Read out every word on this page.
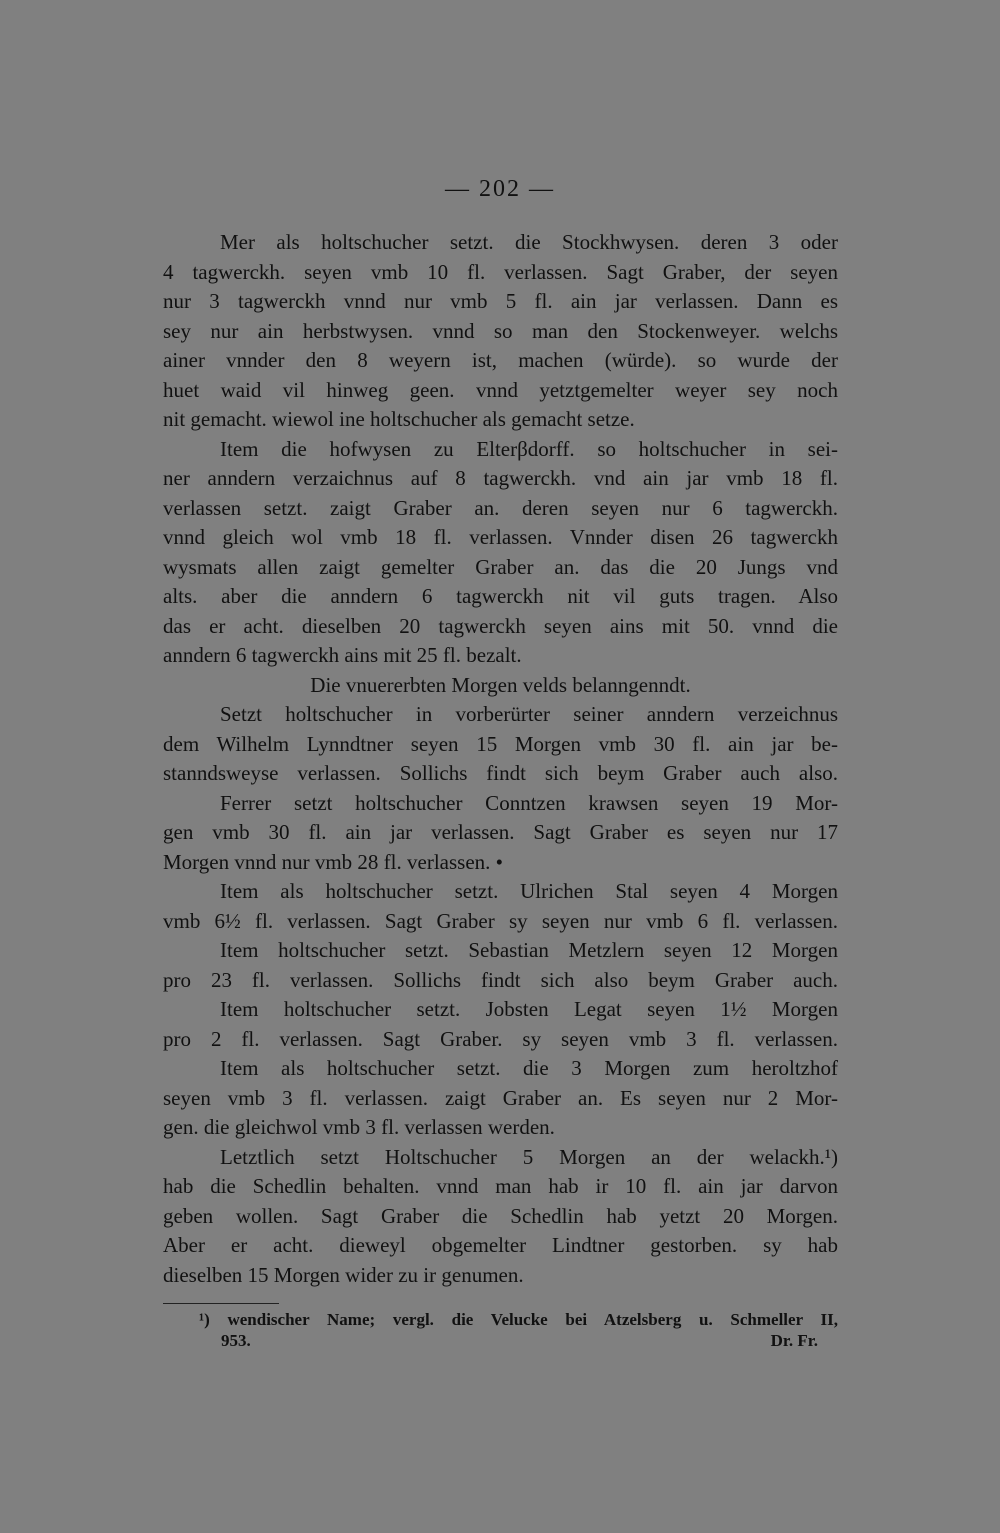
— 202 —
Mer als holtschucher setzt. die Stockhwysen. deren 3 oder
4 tagwerckh. seyen vmb 10 fl. verlassen. Sagt Graber, der seyen
nur 3 tagwerckh vnnd nur vmb 5 fl. ain jar verlassen. Dann es
sey nur ain herbstwysen. vnnd so man den Stockenweyer. welchs
ainer vnnder den 8 weyern ist, machen (würde). so wurde der
huet waid vil hinweg geen. vnnd yetztgemelter weyer sey noch
nit gemacht. wiewol ine holtschucher als gemacht setze.
Item die hofwysen zu Elterβdorff. so holtschucher in sei-
ner anndern verzaichnus auf 8 tagwerckh. vnd ain jar vmb 18 fl.
verlassen setzt. zaigt Graber an. deren seyen nur 6 tagwerckh.
vnnd gleich wol vmb 18 fl. verlassen. Vnnder disen 26 tagwerckh
wysmats allen zaigt gemelter Graber an. das die 20 Jungs vnd
alts. aber die anndern 6 tagwerckh nit vil guts tragen. Also
das er acht. dieselben 20 tagwerckh seyen ains mit 50. vnnd die
anndern 6 tagwerckh ains mit 25 fl. bezalt.
Die vnuererbten Morgen velds belanngenndt.
Setzt holtschucher in vorberürter seiner anndern verzeichnus
dem Wilhelm Lynndtner seyen 15 Morgen vmb 30 fl. ain jar be-
stanndsweyse verlassen. Sollichs findt sich beym Graber auch also.
Ferrer setzt holtschucher Conntzen krawsen seyen 19 Mor-
gen vmb 30 fl. ain jar verlassen. Sagt Graber es seyen nur 17
Morgen vnnd nur vmb 28 fl. verlassen. •
Item als holtschucher setzt. Ulrichen Stal seyen 4 Morgen
vmb 6½ fl. verlassen. Sagt Graber sy seyen nur vmb 6 fl. verlassen.
Item holtschucher setzt. Sebastian Metzlern seyen 12 Morgen
pro 23 fl. verlassen. Sollichs findt sich also beym Graber auch.
Item holtschucher setzt. Jobsten Legat seyen 1½ Morgen
pro 2 fl. verlassen. Sagt Graber. sy seyen vmb 3 fl. verlassen.
Item als holtschucher setzt. die 3 Morgen zum heroltzhof
seyen vmb 3 fl. verlassen. zaigt Graber an. Es seyen nur 2 Mor-
gen. die gleichwol vmb 3 fl. verlassen werden.
Letztlich setzt Holtschucher 5 Morgen an der welackh.¹)
hab die Schedlin behalten. vnnd man hab ir 10 fl. ain jar darvon
geben wollen. Sagt Graber die Schedlin hab yetzt 20 Morgen.
Aber er acht. dieweyl obgemelter Lindtner gestorben. sy hab
dieselben 15 Morgen wider zu ir genumen.
¹) wendischer Name; vergl. die Velucke bei Atzelsberg u. Schmeller II,
953.	Dr. Fr.
